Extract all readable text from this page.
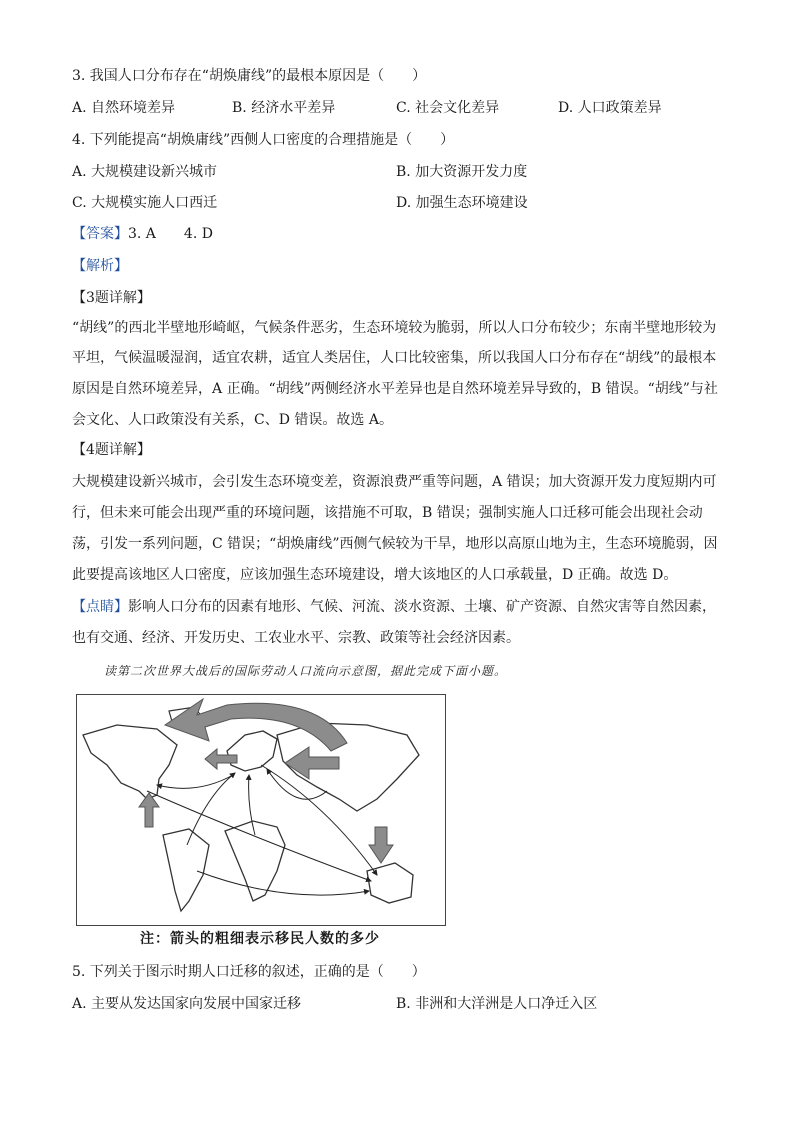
3. 我国人口分布存在“胡焕庸线”的最根本原因是（　　）
A. 自然环境差异	B. 经济水平差异	C. 社会文化差异	D. 人口政策差异
4. 下列能提高“胡焕庸线”西侧人口密度的合理措施是（　　）
A. 大规模建设新兴城市	B. 加大资源开发力度
C. 大规模实施人口西迁	D. 加强生态环境建设
【答案】3. A　　4. D
【解析】
【3题详解】
“胡线”的西北半壁地形崎岖，气候条件恶劣，生态环境较为脆弱，所以人口分布较少；东南半壁地形较为
平坦，气候温暖湿润，适宜农耕，适宜人类居住，人口比较密集，所以我国人口分布存在“胡线”的最根本
原因是自然环境差异，A 正确。“胡线”两侧经济水平差异也是自然环境差异导致的，B 错误。“胡线”与社
会文化、人口政策没有关系，C、D 错误。故选 A。
【4题详解】
大规模建设新兴城市，会引发生态环境变差，资源浪费严重等问题，A 错误；加大资源开发力度短期内可
行，但未来可能会出现严重的环境问题，该措施不可取，B 错误；强制实施人口迁移可能会出现社会动
荡，引发一系列问题，C 错误；“胡焕庸线”西侧气候较为干旱，地形以高原山地为主，生态环境脆弱，因
此要提高该地区人口密度，应该加强生态环境建设，增大该地区的人口承载量，D 正确。故选 D。
【点睛】影响人口分布的因素有地形、气候、河流、淡水资源、土壤、矿产资源、自然灾害等自然因素，
也有交通、经济、开发历史、工农业水平、宗教、政策等社会经济因素。
读第二次世界大战后的国际劳动人口流向示意图，据此完成下面小题。
注：箭头的粗细表示移民人数的多少
5. 下列关于图示时期人口迁移的叙述，正确的是（　　）
A. 主要从发达国家向发展中国家迁移	B. 非洲和大洋洲是人口净迁入区
